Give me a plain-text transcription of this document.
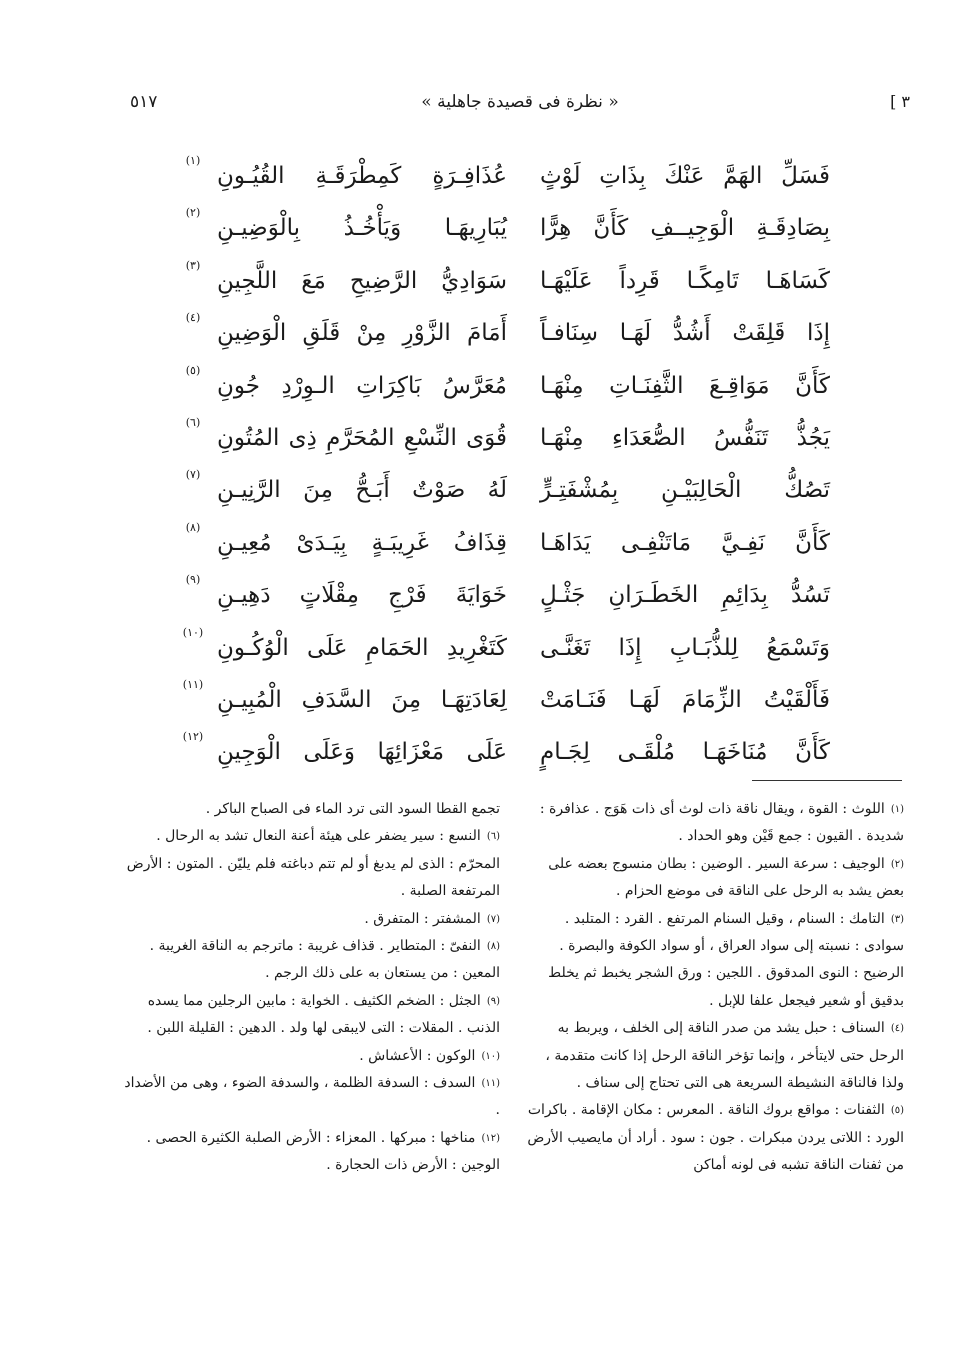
٣ ]
« نظرة فى قصيدة جاهلية »
٥١٧
فَسَلِّ الهَمَّ عَنْكَ بِذَاتِ لَوْثٍ
عُذَافِـرَةٍ كَمِطْرَقَـةِ القُيُـونِ
(١)
بِصَادِقَـةِ الْوَجِيــفِ كَأَنَّ هِرًّا
يُبَارِيهَـا وَيَأْخُـذُ بِالْوَضِيـنِ
(٢)
كَسَاهَـا تَامِكًـا قَرِداً عَلَيْهَـا
سَوَادِيُّ الرَّضِيحِ مَعَ اللَّجِينِ
(٣)
إِذَا قَلِقَتْ أَشُدُّ لَهَـا سِنَافـاً
أَمَامَ الزَّوْرِ مِنْ قَلَقِ الْوَضِينِ
(٤)
كَأَنَّ مَوَاقِـعَ الثَّفِنَـاتِ مِنْهَـا
مُعَرَّسُ بَاكِرَاتِ الـوِرْدِ جُونِ
(٥)
يَجُذُّ تَنَفُّسُ الصُّعَدَاءِ مِنْهَـا
قُوَى النِّسْعِ المُحَرَّمِ ذِى المُتُونِ
(٦)
تَصُكُّ الْحَالِبَيْـنِ بِمُشْفَتِـرٍّ
لَهُ صَوْتٌ أَبَـحُّ مِنَ الرَّنِيـنِ
(٧)
كَأَنَّ نَفِـيَّ مَاتَنْفِـى يَدَاهَـا
قِذَافُ غَرِيبَـةٍ بِيَـدَىْ مُعِيـنِ
(٨)
تَسُدُّ بِدَائِمِ الخَطَـرَانِ جَثْـلٍ
خَوَايَةَ فَرْجِ مِقْلَاتٍ دَهِيـنِ
(٩)
وَتَسْمَعُ لِلذُّبَـابِ إِذَا تَغَنَّـى
كَتَغْرِيدِ الحَمَامِ عَلَى الْوُكُـونِ
(١٠)
فَأَلْقَيْتُ الزِّمَامَ لَهَـا فَنَـامَتْ
لِعَادَتِهَـا مِنَ السَّدَفِ الْمُبِيـنِ
(١١)
كَأَنَّ مُنَاخَهَـا مُلْقَـى لِجَـامٍ
عَلَى مَعْزَائِهَا وَعَلَى الْوَجِينِ
(١٢)

$^{(١)}$اللوث : القوة ، ويقال ناقة ذات لوث أى ذات هَوَج . عذافرة : شديدة . القيون : جمع قَيْن وهو الحداد .

$^{(٢)}$الوجيف : سرعة السير . الوضين : بطان منسوج بعضه على بعض يشد به الرحل على الناقة فى موضع الحزام .

$^{(٣)}$التامك : السنام ، وقيل السنام المرتفع . القرد : المتلبد . سوادى : نسبته إلى سواد العراق ، أو سواد الكوفة والبصرة . الرضيح : النوى المدقوق . اللجين : ورق الشجر يخبط ثم يخلط بدقيق أو شعير فيجعل علفا للإبل .

$^{(٤)}$السناف : حبل يشد من صدر الناقة إلى الخلف ، ويربط به الرحل حتى لايتأخر ، وإنما تؤخر الناقة الرحل إذا كانت متقدمة ، ولذا فالناقة النشيطة السريعة هى التى تحتاج إلى سناف .

$^{(٥)}$الثفنات : مواقع بروك الناقة . المعرس : مكان الإقامة . باكرات الورد : اللاتى يردن مبكرات . جون : سود . أراد أن مايصيب الأرض من ثفنات الناقة تشبه فى لونه أماكن

تجمع القطا السود التى ترد الماء فى الصباح الباكر .

$^{(٦)}$النسع : سير يضفر على هيئة أعنة النعال تشد به الرحال . المحرّم : الذى لم يدبغ أو لم تتم دباغته فلم يليّن . المتون : الأرض المرتفعة الصلبة .

$^{(٧)}$المشفتر : المتفرق .

$^{(٨)}$النفىّ : المتطاير . قذاف غريبة : ماترجم به الناقة الغريبة . المعين : من يستعان به على ذلك الرجم .

$^{(٩)}$الجثل : الضخم الكثيف . الخواية : مابين الرجلين مما يسده الذنب . المقلات : التى لايبقى لها ولد . الدهين : القليلة اللبن .

$^{(١٠)}$الوكون : الأعشاش .

$^{(١١)}$السدف : السدفة الظلمة ، والسدفة الضوء ، وهى من الأضداد .

$^{(١٢)}$مناخها : مبركها . المعزاء : الأرض الصلبة الكثيرة الحصى . الوجين : الأرض ذات الحجارة .
